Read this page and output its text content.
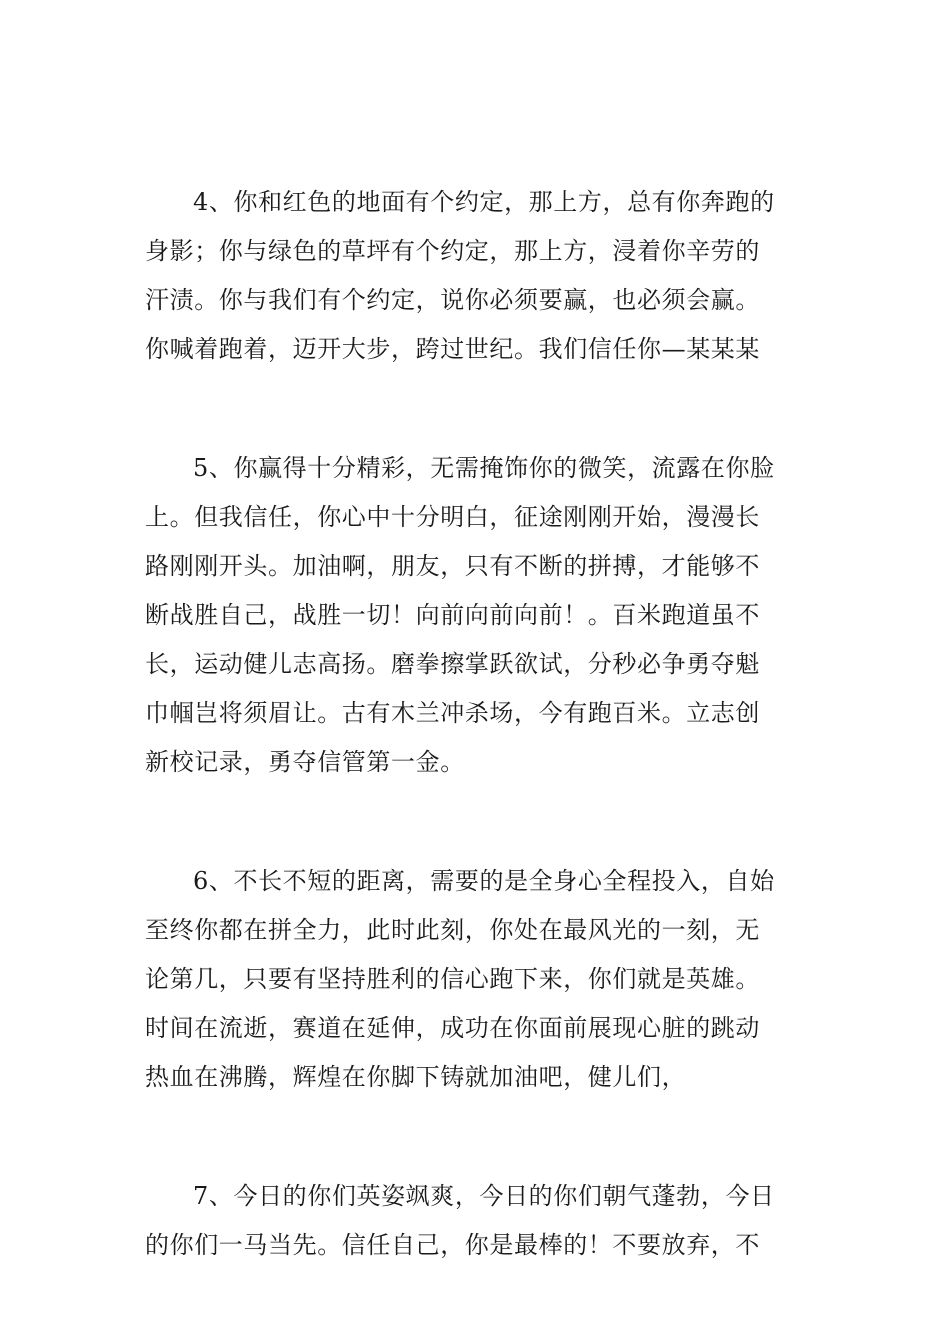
4、你和红色的地面有个约定，那上方，总有你奔跑的
身影；你与绿色的草坪有个约定，那上方，浸着你辛劳的
汗渍。你与我们有个约定，说你必须要赢，也必须会赢。
你喊着跑着，迈开大步，跨过世纪。我们信任你—某某某
5、你赢得十分精彩，无需掩饰你的微笑，流露在你脸
上。但我信任，你心中十分明白，征途刚刚开始，漫漫长
路刚刚开头。加油啊，朋友，只有不断的拼搏，才能够不
断战胜自己，战胜一切！向前向前向前！。百米跑道虽不
长，运动健儿志高扬。磨拳擦掌跃欲试，分秒必争勇夺魁
巾帼岂将须眉让。古有木兰冲杀场，今有跑百米。立志创
新校记录，勇夺信管第一金。
6、不长不短的距离，需要的是全身心全程投入，自始
至终你都在拼全力，此时此刻，你处在最风光的一刻，无
论第几，只要有坚持胜利的信心跑下来，你们就是英雄。
时间在流逝，赛道在延伸，成功在你面前展现心脏的跳动
热血在沸腾，辉煌在你脚下铸就加油吧，健儿们，
7、今日的你们英姿飒爽，今日的你们朝气蓬勃，今日
的你们一马当先。信任自己，你是最棒的！不要放弃，不
